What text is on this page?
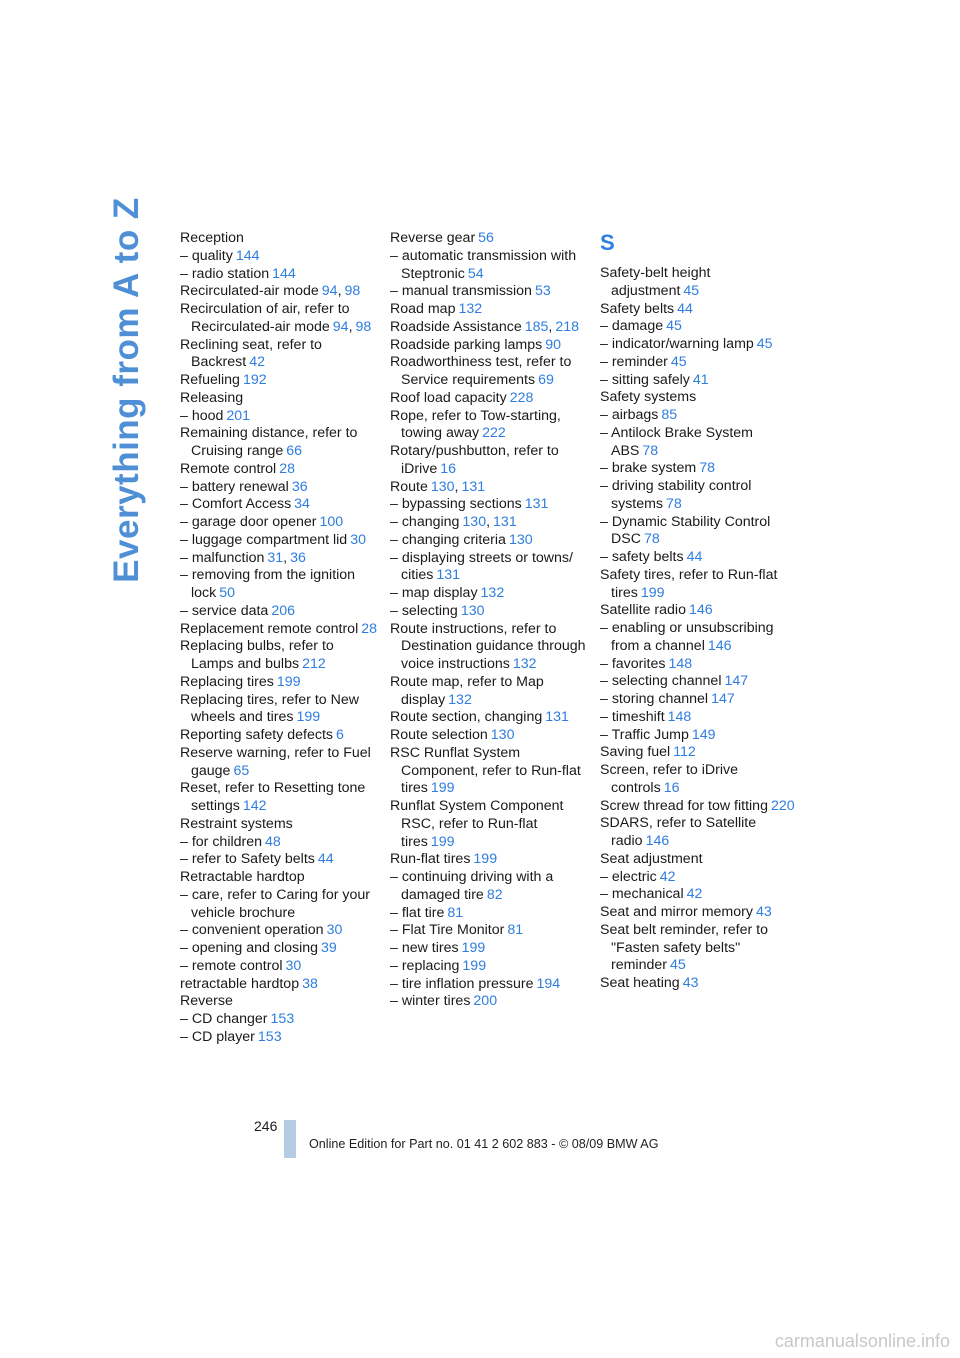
Everything from A to Z Reception
– quality 144
– radio station 144
Recirculated-air mode 94, 98
Recirculation of air, refer to Recirculated-air mode 94, 98
Reclining seat, refer to Backrest 42
Refueling 192
Releasing
– hood 201
Remaining distance, refer to Cruising range 66
Remote control 28
– battery renewal 36
– Comfort Access 34
– garage door opener 100
– luggage compartment lid 30
– malfunction 31, 36
– removing from the ignition lock 50
– service data 206
Replacement remote control 28
Replacing bulbs, refer to Lamps and bulbs 212
Replacing tires 199
Replacing tires, refer to New wheels and tires 199
Reporting safety defects 6
Reserve warning, refer to Fuel gauge 65
Reset, refer to Resetting tone settings 142
Restraint systems
– for children 48
– refer to Safety belts 44
Retractable hardtop
– care, refer to Caring for your vehicle brochure
– convenient operation 30
– opening and closing 39
– remote control 30
retractable hardtop 38
Reverse
– CD changer 153
– CD player 153
Reverse gear 56
– automatic transmission with Steptronic 54
– manual transmission 53
Road map 132
Roadside Assistance 185, 218
Roadside parking lamps 90
Roadworthiness test, refer to Service requirements 69
Roof load capacity 228
Rope, refer to Tow-starting, towing away 222
Rotary/pushbutton, refer to iDrive 16
Route 130, 131
– bypassing sections 131
– changing 130, 131
– changing criteria 130
– displaying streets or towns/ cities 131
– map display 132
– selecting 130
Route instructions, refer to Destination guidance through voice instructions 132
Route map, refer to Map display 132
Route section, changing 131
Route selection 130
RSC Runflat System Component, refer to Run-flat tires 199
Runflat System Component RSC, refer to Run-flat tires 199
Run-flat tires 199
– continuing driving with a damaged tire 82
– flat tire 81
– Flat Tire Monitor 81
– new tires 199
– replacing 199
– tire inflation pressure 194
– winter tires 200
S
Safety-belt height adjustment 45
Safety belts 44
– damage 45
– indicator/warning lamp 45
– reminder 45
– sitting safely 41
Safety systems
– airbags 85
– Antilock Brake System ABS 78
– brake system 78
– driving stability control systems 78
– Dynamic Stability Control DSC 78
– safety belts 44
Safety tires, refer to Run-flat tires 199
Satellite radio 146
– enabling or unsubscribing from a channel 146
– favorites 148
– selecting channel 147
– storing channel 147
– timeshift 148
– Traffic Jump 149
Saving fuel 112
Screen, refer to iDrive controls 16
Screw thread for tow fitting 220
SDARS, refer to Satellite radio 146
Seat adjustment
– electric 42
– mechanical 42
Seat and mirror memory 43
Seat belt reminder, refer to "Fasten safety belts" reminder 45
Seat heating 43
246
Online Edition for Part no. 01 41 2 602 883 - © 08/09 BMW AG
carmanualsonline.info
